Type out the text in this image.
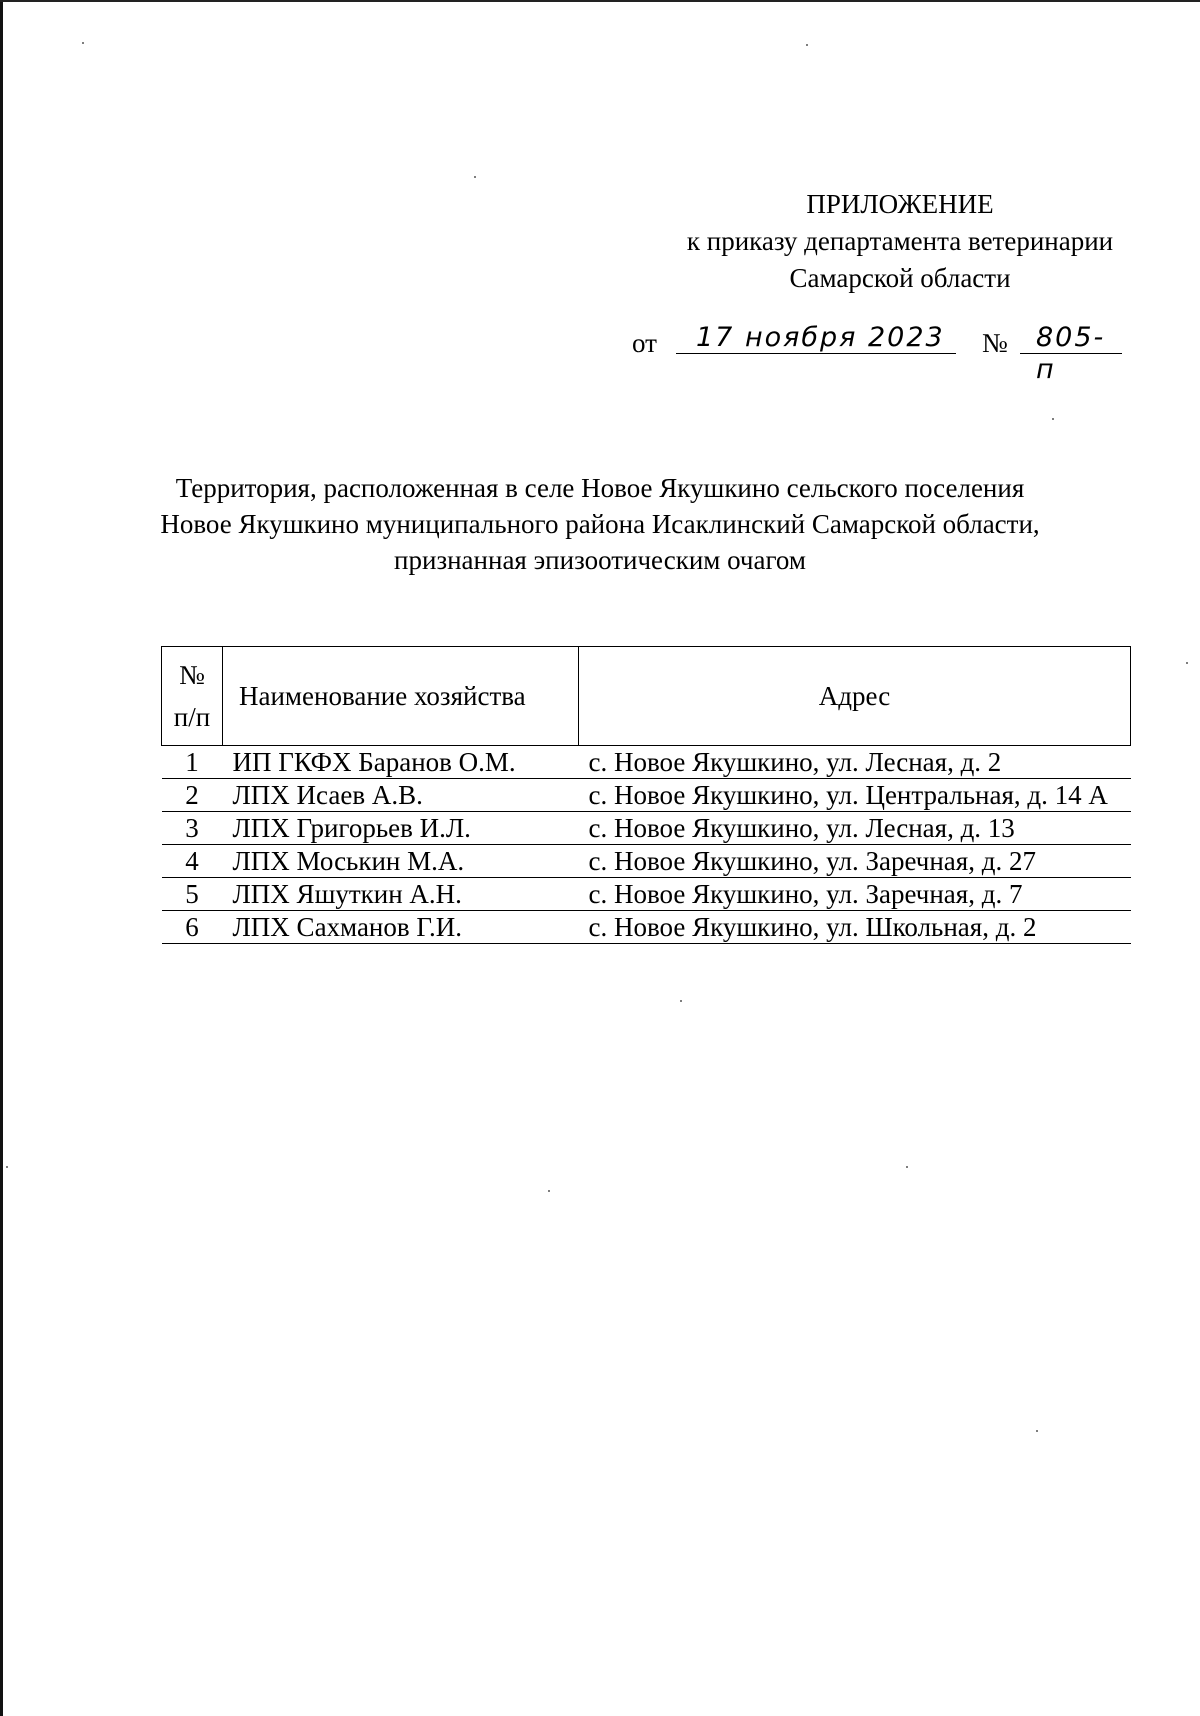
ПРИЛОЖЕНИЕ
к приказу департамента ветеринарии
Самарской области
от	17 ноября 2023	№	805-п
Территория, расположенная в селе Новое Якушкино сельского поселения
Новое Якушкино муниципального района Исаклинский Самарской области,
признанная эпизоотическим очагом
№
п/п	Наименование хозяйства	Адрес
1	ИП ГКФХ Баранов О.М.	с. Новое Якушкино, ул. Лесная, д. 2
2	ЛПХ Исаев А.В.	с. Новое Якушкино, ул. Центральная, д. 14 А
3	ЛПХ Григорьев И.Л.	с. Новое Якушкино, ул. Лесная, д. 13
4	ЛПХ Моськин М.А.	с. Новое Якушкино, ул. Заречная, д. 27
5	ЛПХ Яшуткин А.Н.	с. Новое Якушкино, ул. Заречная, д. 7
6	ЛПХ Сахманов Г.И.	с. Новое Якушкино, ул. Школьная, д. 2
